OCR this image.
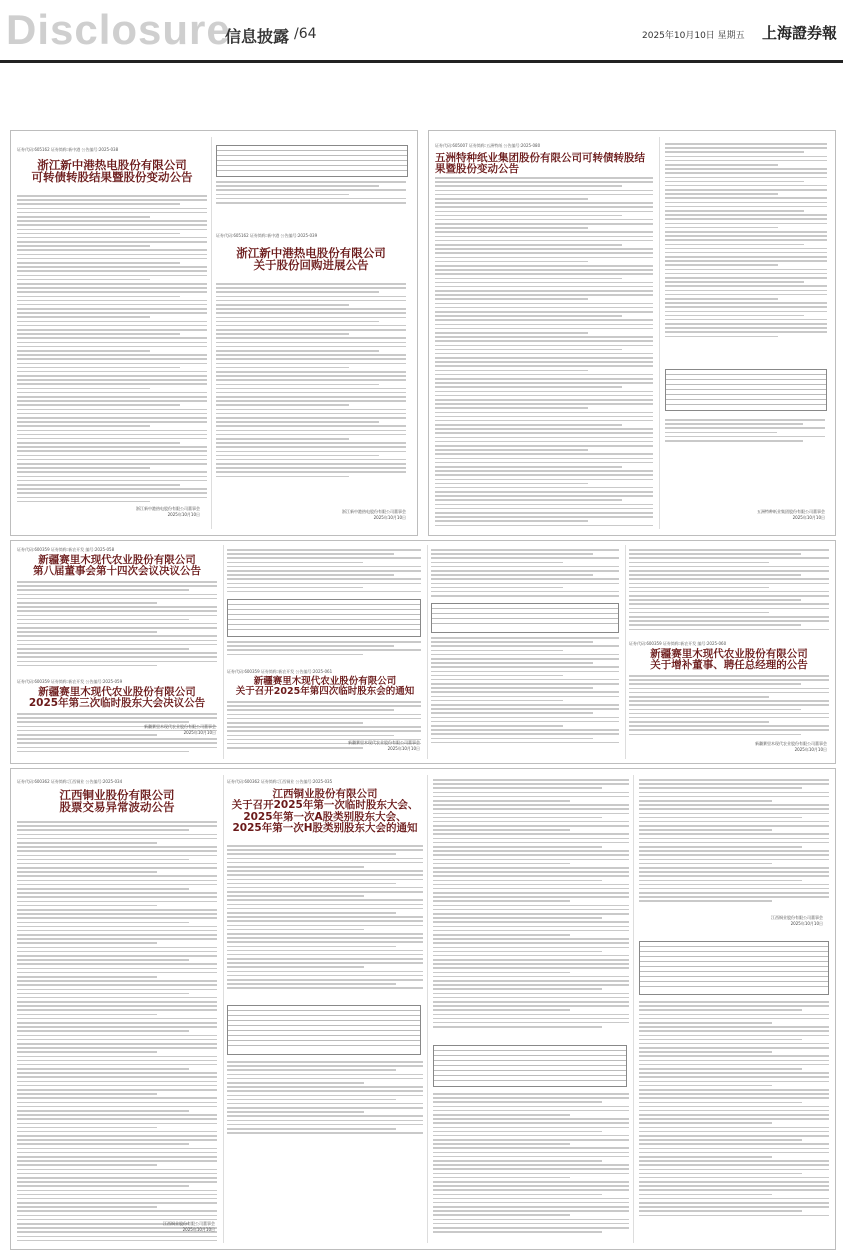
Disclosure
信息披露 /64	2025年10月10日 星期五 上海證券報
证券代码:605162 证券简称:新中港 公告编号:2025-038
浙江新中港热电股份有限公司
可转债转股结果暨股份变动公告
证券代码:605162 证券简称:新中港 公告编号:2025-039
浙江新中港热电股份有限公司
关于股份回购进展公告
浙江新中港热电股份有限公司董事会
2025年10月10日
证券代码:605007 证券简称:五洲特纸 公告编号:2025-080
五洲特种纸业集团股份有限公司可转债转股结果暨股份变动公告
五洲特种纸业集团股份有限公司董事会
2025年10月10日
证券代码:600359 证券简称:新农开发 编号:2025-058
新疆赛里木现代农业股份有限公司
第八届董事会第十四次会议决议公告
证券代码:600359 证券简称:新农开发 公告编号:2025-059
新疆赛里木现代农业股份有限公司
2025年第三次临时股东大会决议公告
证券代码:600359 证券简称:新农开发 公告编号:2025-061
新疆赛里木现代农业股份有限公司
关于召开2025年第四次临时股东会的通知
证券代码:600359 证券简称:新农开发 编号:2025-060
新疆赛里木现代农业股份有限公司
关于增补董事、聘任总经理的公告
新疆赛里木现代农业股份有限公司董事会
2025年10月10日
证券代码:600362 证券简称:江西铜业 公告编号:2025-034
江西铜业股份有限公司
股票交易异常波动公告
江西铜业股份有限公司董事会
2025年10月10日
证券代码:600362 证券简称:江西铜业 公告编号:2025-035
江西铜业股份有限公司
关于召开2025年第一次临时股东大会、
2025年第一次A股类别股东大会、
2025年第一次H股类别股东大会的通知
江西铜业股份有限公司董事会
2025年10月10日
浙江新中港热电股份有限公司董事会
2025年10月10日
新疆赛里木现代农业股份有限公司董事会
2025年10月10日
新疆赛里木现代农业股份有限公司董事会
2025年10月10日
